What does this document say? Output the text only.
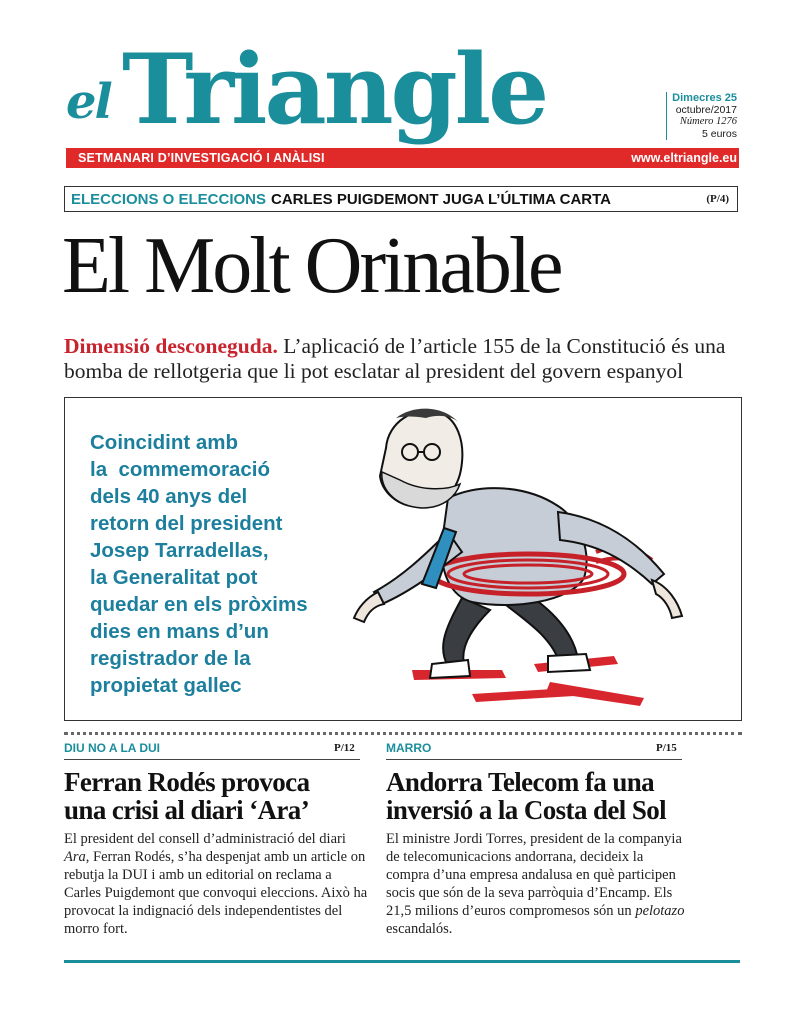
el Triangle	Dimecres 25
octubre/2017
Número 1276
5 euros
SETMANARI D’INVESTIGACIÓ I ANÀLISI	www.eltriangle.eu
ELECCIONS O ELECCIONS CARLES PUIGDEMONT JUGA L’ÚLTIMA CARTA	(P/4)
El Molt Orinable
Dimensió desconeguda. L’aplicació de l’article 155 de la Constitució és una bomba de rellotgeria que li pot esclatar al president del govern espanyol
Coincidint amb
la  commemoració
dels 40 anys del
retorn del president
Josep Tarradellas,
la Generalitat pot
quedar en els pròxims
dies en mans d’un
registrador de la
propietat gallec
DIU NO A LA DUI	P/12
Ferran Rodés provoca
una crisi al diari ‘Ara’
El president del consell d’administració del diari Ara, Ferran Rodés, s’ha despenjat amb un article on rebutja la DUI i amb un editorial on reclama a Carles Puigdemont que convoqui eleccions. Això ha provocat la indignació dels independentistes del morro fort.
MARRO	P/15
Andorra Telecom fa una
inversió a la Costa del Sol
El ministre Jordi Torres, president de la companyia de telecomunicacions andorrana, decideix la compra d’una empresa andalusa en què participen socis que són de la seva parròquia d’Encamp. Els 21,5 milions d’euros compromesos són un pelotazo escandalós.
